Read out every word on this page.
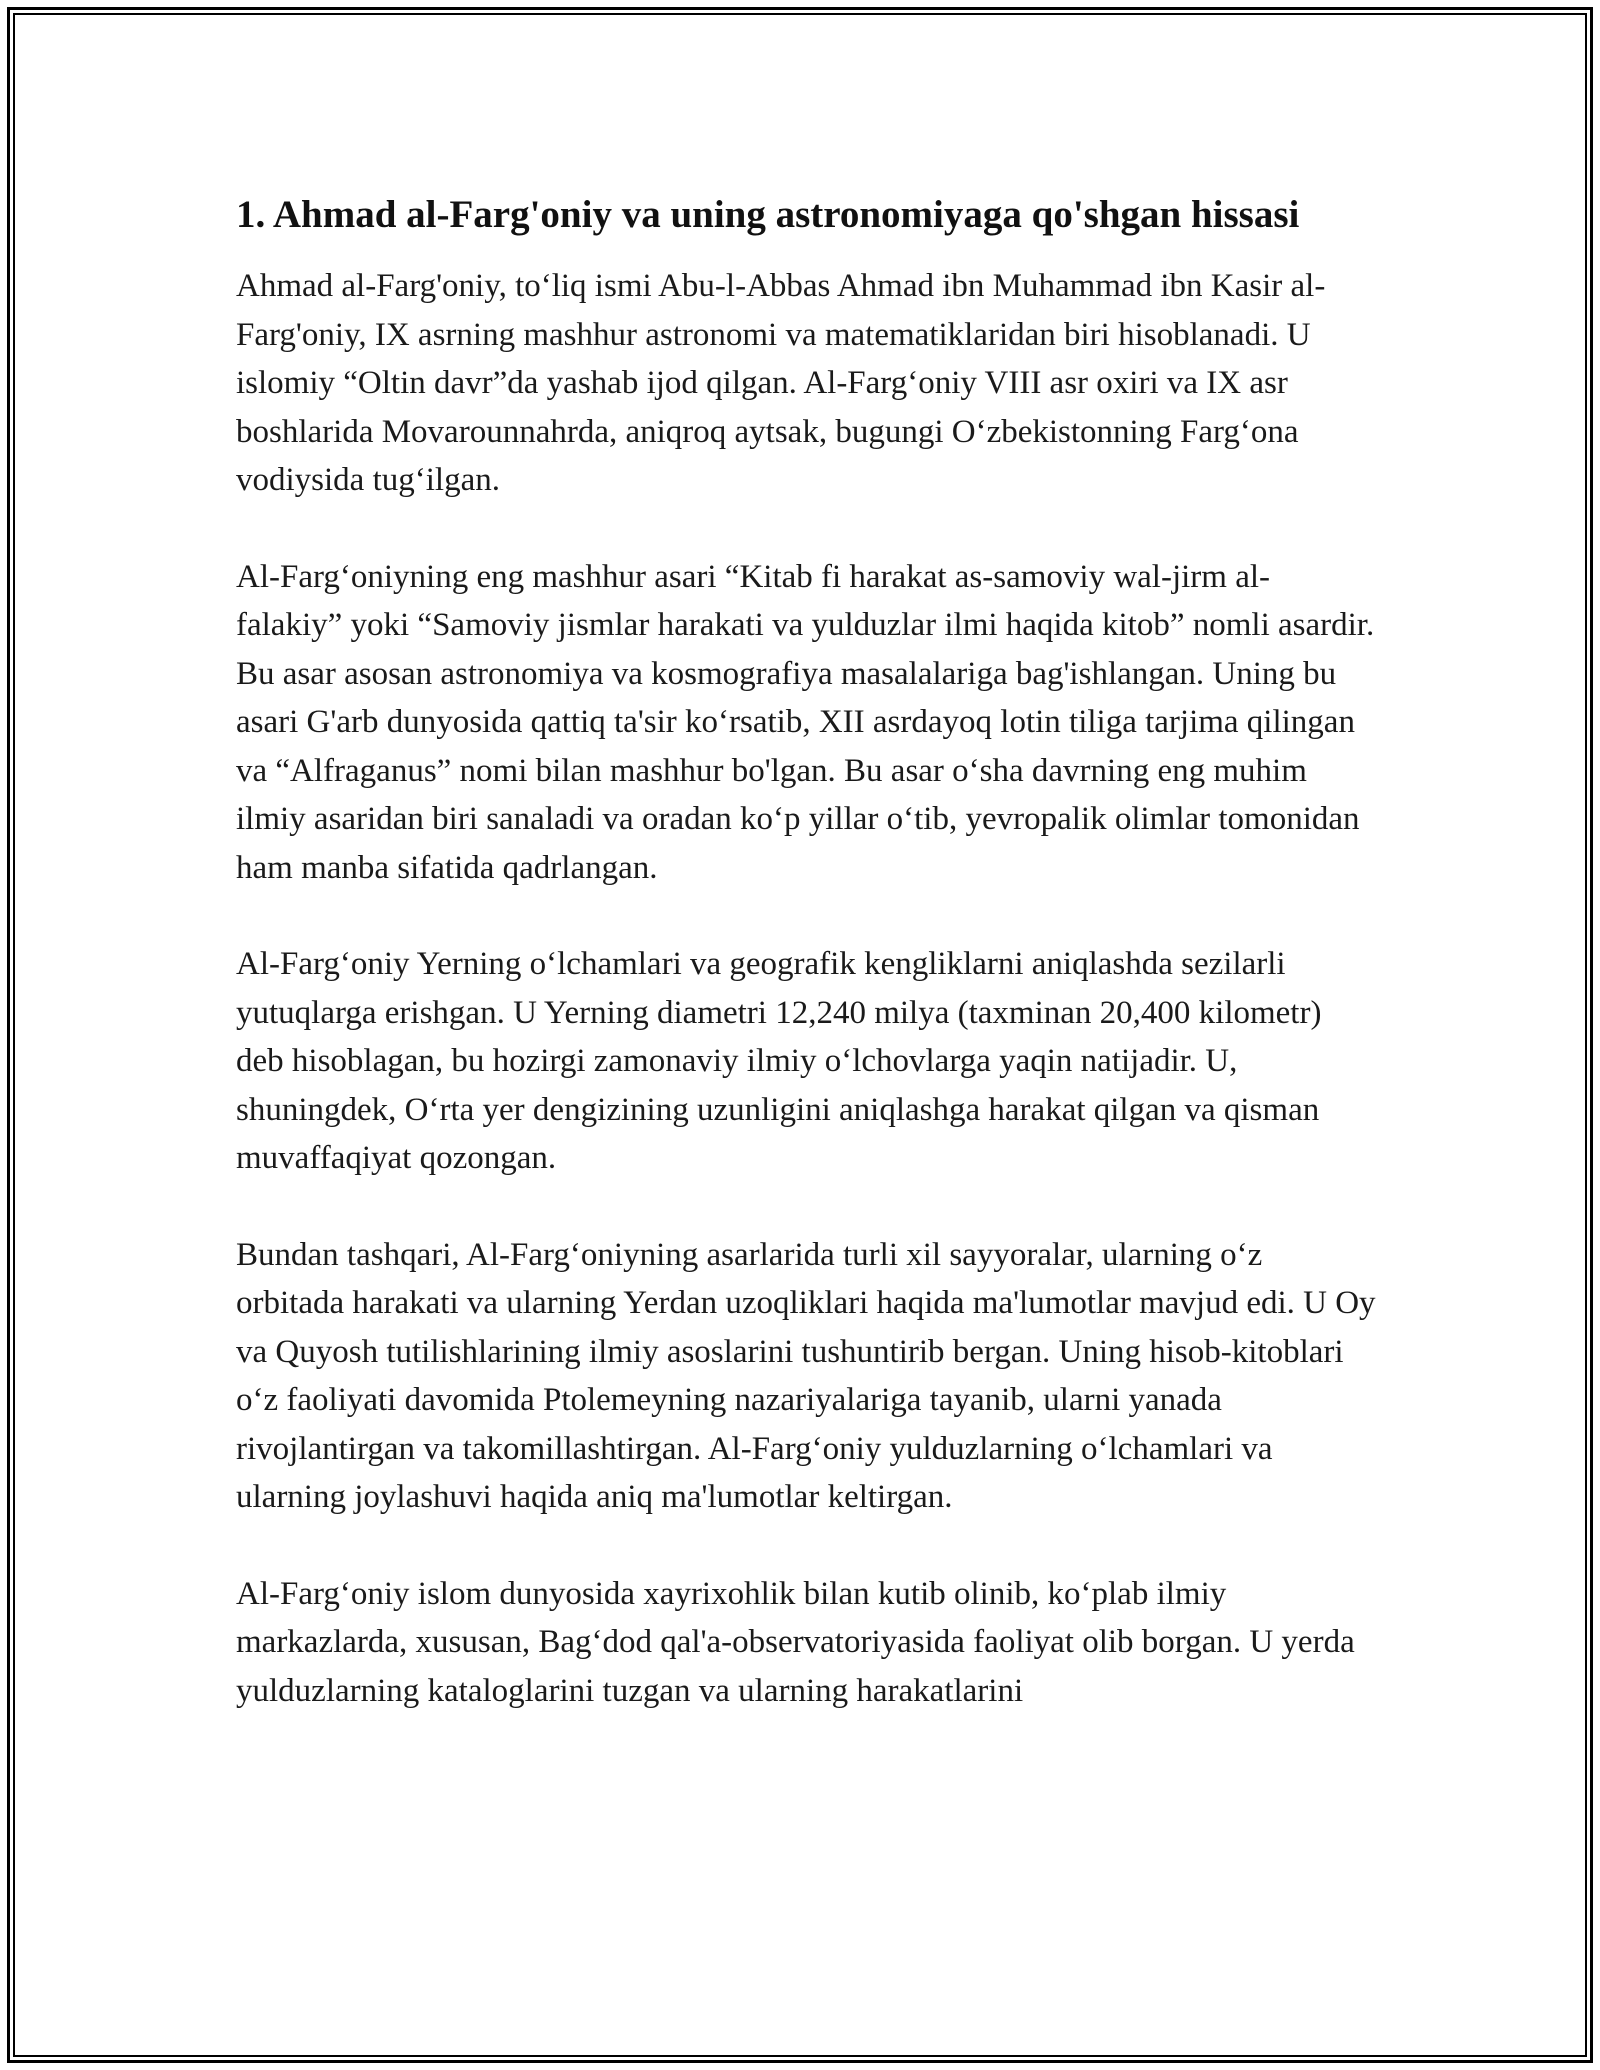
1. Ahmad al-Farg'oniy va uning astronomiyaga qo'shgan hissasi

Ahmad al-Farg'oniy, to‘liq ismi Abu-l-Abbas Ahmad ibn Muhammad ibn Kasir al-Farg'oniy, IX asrning mashhur astronomi va matematiklaridan biri hisoblanadi. U islomiy “Oltin davr”da yashab ijod qilgan. Al-Farg‘oniy VIII asr oxiri va IX asr boshlarida Movarounnahrda, aniqroq aytsak, bugungi O‘zbekistonning Farg‘ona vodiysida tug‘ilgan.

Al-Farg‘oniyning eng mashhur asari “Kitab fi harakat as-samoviy wal-jirm al-falakiy” yoki “Samoviy jismlar harakati va yulduzlar ilmi haqida kitob” nomli asardir. Bu asar asosan astronomiya va kosmografiya masalalariga bag'ishlangan. Uning bu asari G'arb dunyosida qattiq ta'sir ko‘rsatib, XII asrdayoq lotin tiliga tarjima qilingan va “Alfraganus” nomi bilan mashhur bo'lgan. Bu asar o‘sha davrning eng muhim ilmiy asaridan biri sanaladi va oradan ko‘p yillar o‘tib, yevropalik olimlar tomonidan ham manba sifatida qadrlangan.

Al-Farg‘oniy Yerning o‘lchamlari va geografik kengliklarni aniqlashda sezilarli yutuqlarga erishgan. U Yerning diametri 12,240 milya (taxminan 20,400 kilometr) deb hisoblagan, bu hozirgi zamonaviy ilmiy o‘lchovlarga yaqin natijadir. U, shuningdek, O‘rta yer dengizining uzunligini aniqlashga harakat qilgan va qisman muvaffaqiyat qozongan.

Bundan tashqari, Al-Farg‘oniyning asarlarida turli xil sayyoralar, ularning o‘z orbitada harakati va ularning Yerdan uzoqliklari haqida ma'lumotlar mavjud edi. U Oy va Quyosh tutilishlarining ilmiy asoslarini tushuntirib bergan. Uning hisob-kitoblari o‘z faoliyati davomida Ptolemeyning nazariyalariga tayanib, ularni yanada rivojlantirgan va takomillashtirgan. Al-Farg‘oniy yulduzlarning o‘lchamlari va ularning joylashuvi haqida aniq ma'lumotlar keltirgan.

Al-Farg‘oniy islom dunyosida xayrixohlik bilan kutib olinib, ko‘plab ilmiy markazlarda, xususan, Bag‘dod qal'a-observatoriyasida faoliyat olib borgan. U yerda yulduzlarning kataloglarini tuzgan va ularning harakatlarini
